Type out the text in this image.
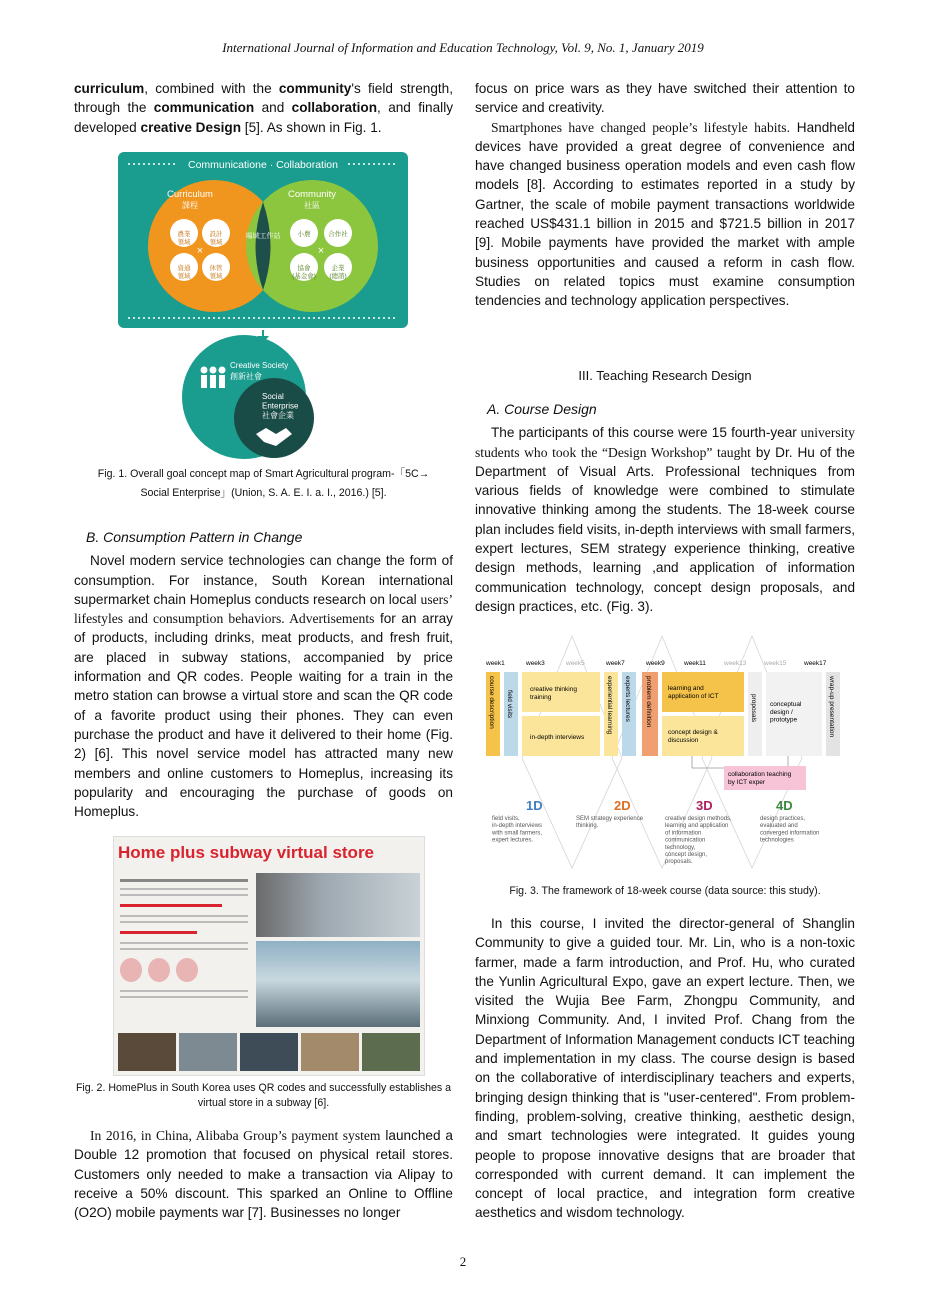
International Journal of Information and Education Technology, Vol. 9, No. 1, January 2019

curriculum, combined with the community's field strength, through the communication and collaboration, and finally developed creative Design [5]. As shown in Fig. 1.

Communicatione · Collaboration
Curriculum
課程
Community
社區
農業領域
設計領域
資通領域
休管領域
×
場域工作站	小農	合作社
協會(基金會)
企業(總諮)
×
Creative Society
創新社會
Social Enterprise
社會企業
Fig. 1. Overall goal concept map of Smart Agricultural program-「5C→
Social Enterprise」(Union, S. A. E. I. a. I., 2016.) [5].

B. Consumption Pattern in Change

Novel modern service technologies can change the form of consumption. For instance, South Korean international supermarket chain Homeplus conducts research on local users’ lifestyles and consumption behaviors. Advertisements for an array of products, including drinks, meat products, and fresh fruit, are placed in subway stations, accompanied by price information and QR codes. People waiting for a train in the metro station can browse a virtual store and scan the QR code of a favorite product using their phones. They can even purchase the product and have it delivered to their home (Fig. 2) [6]. This novel service model has attracted many new members and online customers to Homeplus, increasing its popularity and encouraging the purchase of goods on Homeplus.

Home plus subway virtual store
Fig. 2. HomePlus in South Korea uses QR codes and successfully establishes a virtual store in a subway [6].

In 2016, in China, Alibaba Group’s payment system launched a Double 12 promotion that focused on physical retail stores. Customers only needed to make a transaction via Alipay to receive a 50% discount. This sparked an Online to Offline (O2O) mobile payments war [7]. Businesses no longer

focus on price wars as they have switched their attention to service and creativity.

Smartphones have changed people’s lifestyle habits. Handheld devices have provided a great degree of convenience and have changed business operation models and even cash flow models [8]. According to estimates reported in a study by Gartner, the scale of mobile payment transactions worldwide reached US$431.1 billion in 2015 and $721.5 billion in 2017 [9]. Mobile payments have provided the market with ample business opportunities and caused a reform in cash flow. Studies on related topics must examine consumption tendencies and technology application perspectives.

III. Teaching Research Design

A. Course Design

The participants of this course were 15 fourth-year university students who took the “Design Workshop” taught by Dr. Hu of the Department of Visual Arts. Professional techniques from various fields of knowledge were combined to stimulate innovative thinking among the students. The 18-week course plan includes field visits, in-depth interviews with small farmers, expert lectures, SEM strategy experience thinking, creative design methods, learning ,and application of information communication technology, concept design proposals, and design practices, etc. (Fig. 3).

week1	week3	week5	week7	week9	week11	week13	week15	week17
course description field visits
creative thinking training
in-depth interviews
experiential learning experts lectures problem definition learning and application of ICT
concept design & discussion
proposals conceptual design / prototype	wrap-up presentation
collaboration teaching by ICT exper
1D	2D	3D	4D
field visits, in-depth interviews with small farmers, expert lectures.
SEM strategy experience thinking.
creative design methods, learning and application of information communication technology, concept design, proposals.
design practices, evaluated and converged information technologies
Fig. 3. The framework of 18-week course (data source: this study).

In this course, I invited the director-general of Shanglin Community to give a guided tour. Mr. Lin, who is a non-toxic farmer, made a farm introduction, and Prof. Hu, who curated the Yunlin Agricultural Expo, gave an expert lecture. Then, we visited the Wujia Bee Farm, Zhongpu Community, and Minxiong Community. And, I invited Prof. Chang from the Department of Information Management conducts ICT teaching and implementation in my class. The course design is based on the collaborative of interdisciplinary teachers and experts, bringing design thinking that is "user-centered". From problem-finding, problem-solving, creative thinking, aesthetic design, and smart technologies were integrated. It guides young people to propose innovative designs that are broader that corresponded with current demand. It can implement the concept of local practice, and integration form creative aesthetics and wisdom technology.

2
